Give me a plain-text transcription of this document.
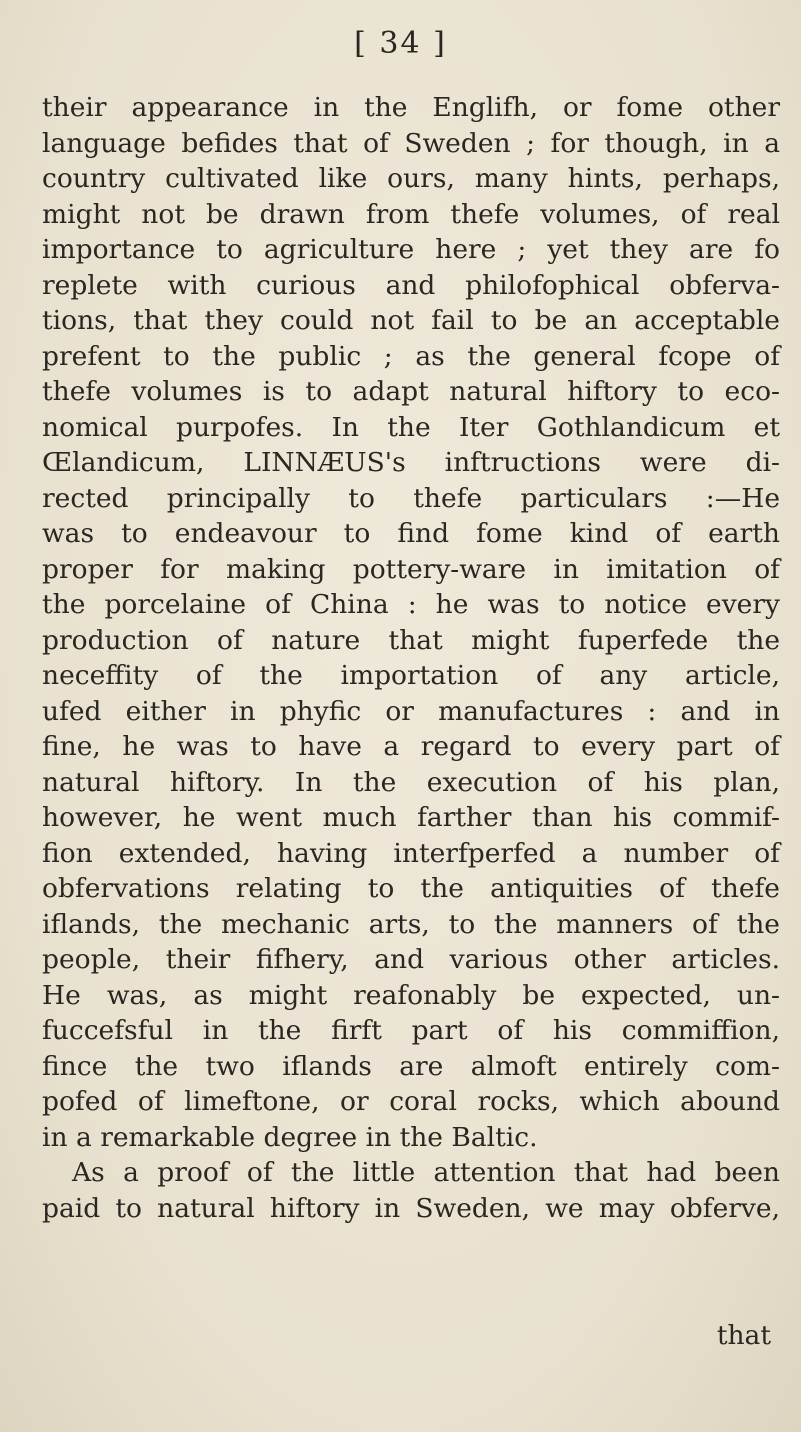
[ 34 ]
their appearance in the Englifh, or fome other
language befides that of Sweden ; for though, in a
country cultivated like ours, many hints, perhaps,
might not be drawn from thefe volumes, of real
importance to agriculture here ; yet they are fo
replete with curious and philofophical obferva-
tions, that they could not fail to be an acceptable
prefent to the public ; as the general fcope of
thefe volumes is to adapt natural hiftory to eco-
nomical purpofes. In the Iter Gothlandicum et
Œlandicum, LINNÆUS's inftructions were di-
rected principally to thefe particulars :—He
was to endeavour to find fome kind of earth
proper for making pottery-ware in imitation of
the porcelaine of China : he was to notice every
production of nature that might fuperfede the
neceffity of the importation of any article,
ufed either in phyfic or manufactures : and in
fine, he was to have a regard to every part of
natural hiftory. In the execution of his plan,
however, he went much farther than his commif-
fion extended, having interfperfed a number of
obfervations relating to the antiquities of thefe
iflands, the mechanic arts, to the manners of the
people, their fifhery, and various other articles.
He was, as might reafonably be expected, un-
fuccefsful in the firft part of his commiffion,
fince the two iflands are almoft entirely com-
pofed of limeftone, or coral rocks, which abound
in a remarkable degree in the Baltic.
As a proof of the little attention that had been
paid to natural hiftory in Sweden, we may obferve,
that
